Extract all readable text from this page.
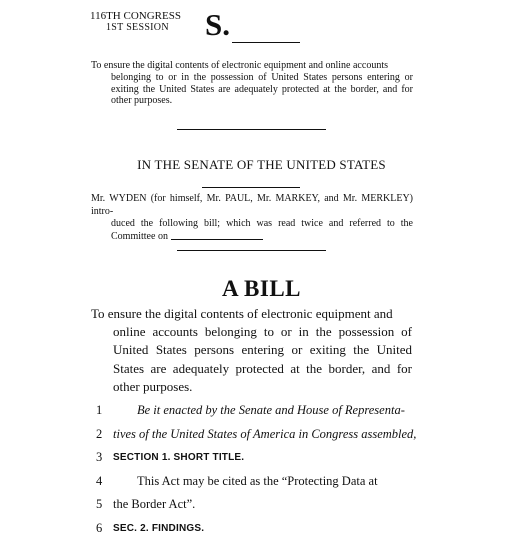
116TH CONGRESS
1ST SESSION	S.
To ensure the digital contents of electronic equipment and online accounts
belonging to or in the possession of United States persons entering or exiting the United States are adequately protected at the border, and for other purposes.
IN THE SENATE OF THE UNITED STATES
Mr. WYDEN (for himself, Mr. PAUL, Mr. MARKEY, and Mr. MERKLEY) intro-
duced the following bill; which was read twice and referred to the Committee on
A BILL
To ensure the digital contents of electronic equipment and
online accounts belonging to or in the possession of United States persons entering or exiting the United States are adequately protected at the border, and for other purposes.
1	Be it enacted by the Senate and House of Representa-
2 tives of the United States of America in Congress assembled,
3 SECTION 1. SHORT TITLE.
4	This Act may be cited as the “Protecting Data at
5 the Border Act”.
6 SEC. 2. FINDINGS.
